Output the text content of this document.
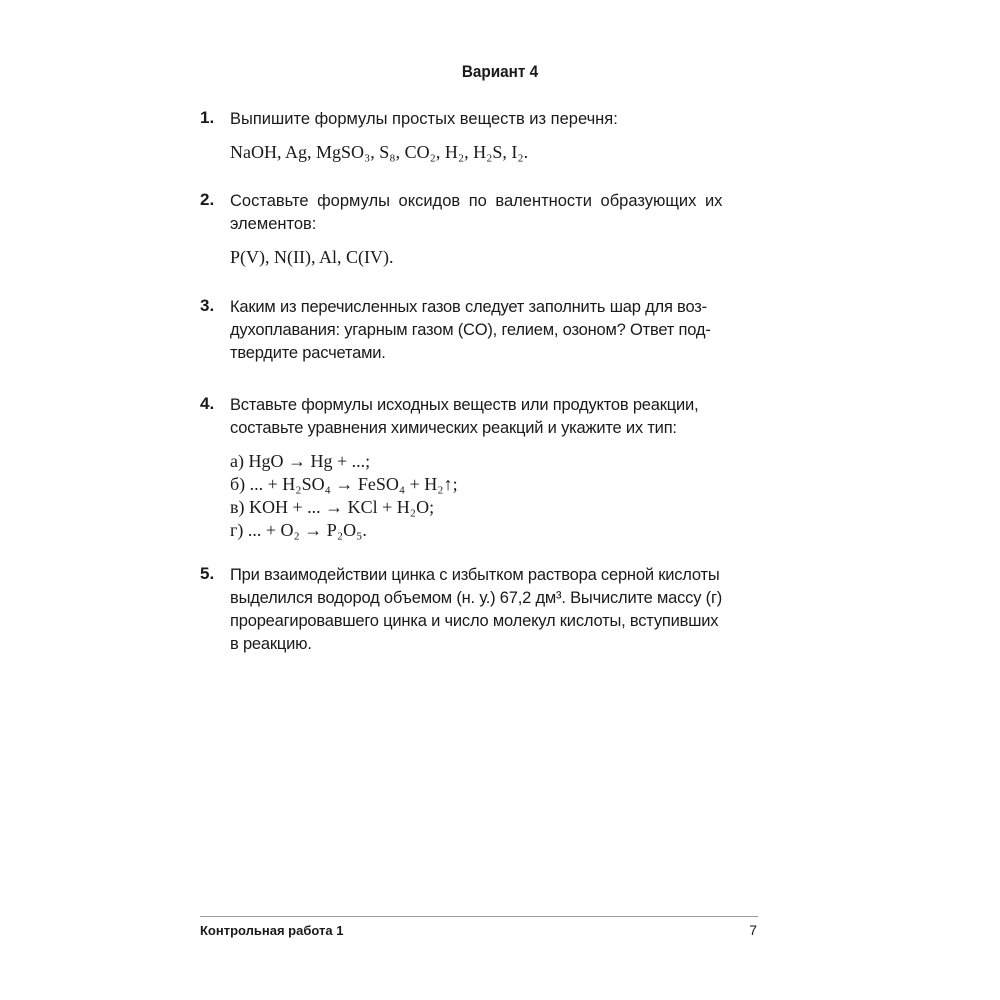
Вариант 4
1. Выпишите формулы простых веществ из перечня:
NaOH, Ag, MgSO₃, S₈, CO₂, H₂, H₂S, I₂.
2. Составьте формулы оксидов по валентности образующих их
элементов:
P(V), N(II), Al, C(IV).
3. Каким из перечисленных газов следует заполнить шар для воз-
духоплавания: угарным газом (CO), гелием, озоном? Ответ под-
твердите расчетами.
4. Вставьте формулы исходных веществ или продуктов реакции,
составьте уравнения химических реакций и укажите их тип:
а) HgO → Hg + ...;
б) ... + H₂SO₄ → FeSO₄ + H₂↑;
в) KOH + ... → KCl + H₂O;
г) ... + O₂ → P₂O₅.
5. При взаимодействии цинка с избытком раствора серной кислоты
выделился водород объемом (н. у.) 67,2 дм³. Вычислите массу (г)
прореагировавшего цинка и число молекул кислоты, вступивших
в реакцию.
Контрольная работа 1	7
